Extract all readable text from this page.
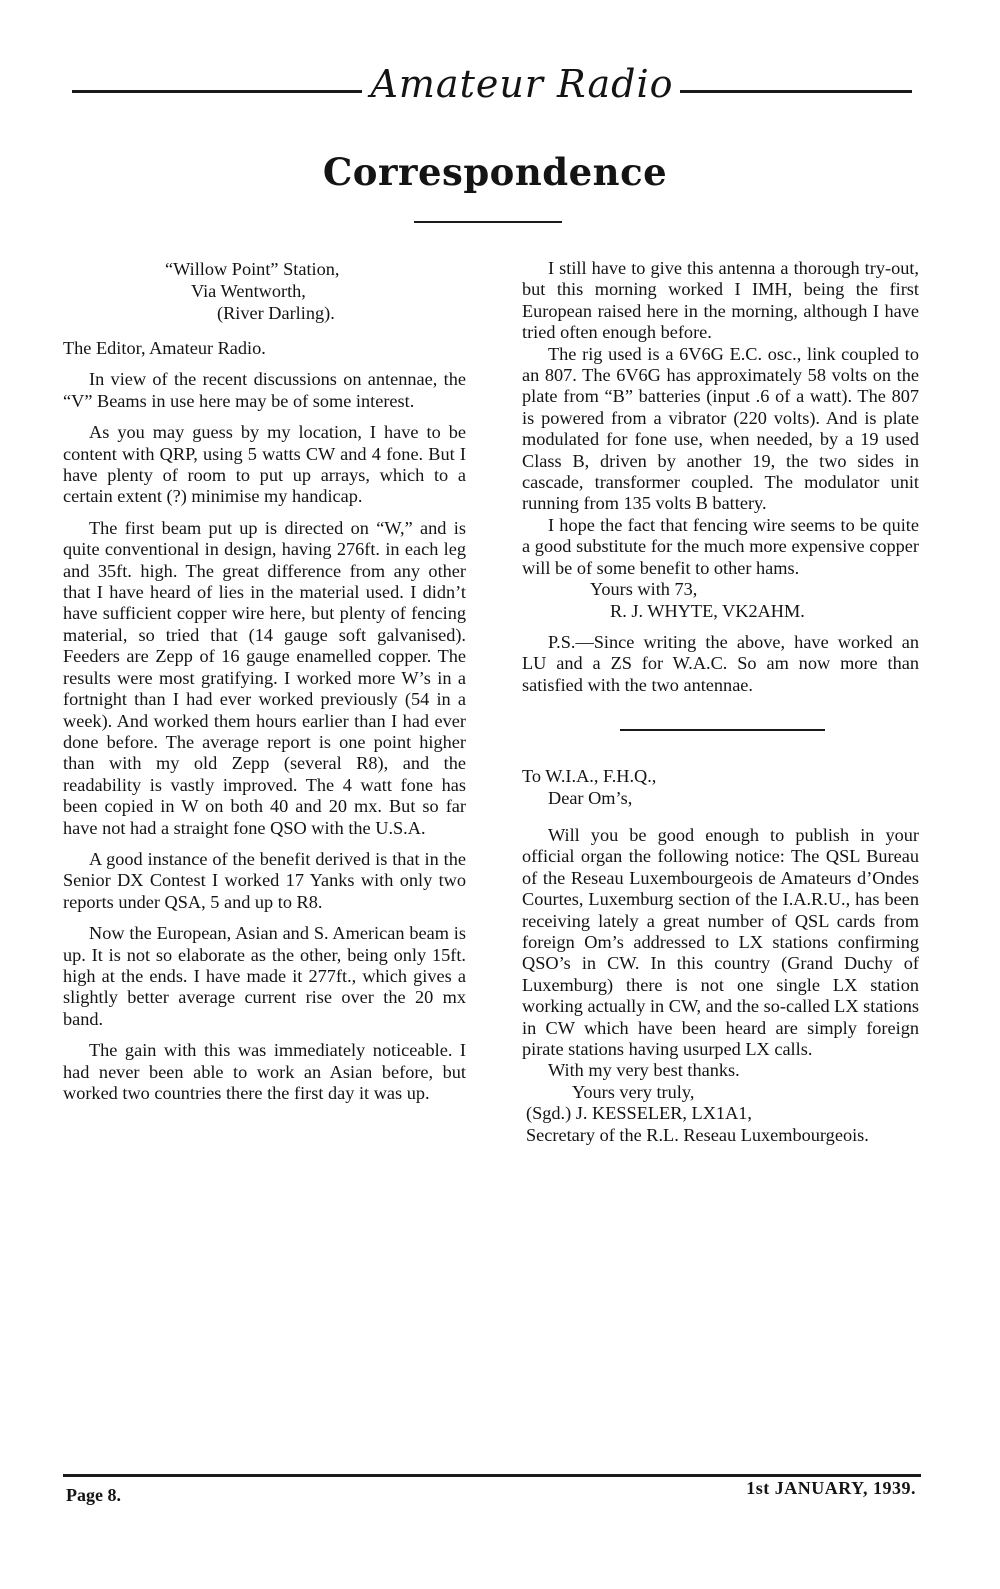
Amateur Radio
Correspondence
“Willow Point” Station,
Via Wentworth,
(River Darling).

The Editor, Amateur Radio.

In view of the recent discussions on antennae, the “V” Beams in use here may be of some interest.

As you may guess by my location, I have to be content with QRP, using 5 watts CW and 4 fone. But I have plenty of room to put up arrays, which to a certain extent (?) minimise my handicap.

The first beam put up is directed on “W,” and is quite conventional in design, having 276ft. in each leg and 35ft. high. The great difference from any other that I have heard of lies in the material used. I didn’t have sufficient copper wire here, but plenty of fencing material, so tried that (14 gauge soft galvanised). Feeders are Zepp of 16 gauge enamelled copper. The results were most gratifying. I worked more W’s in a fortnight than I had ever worked previously (54 in a week). And worked them hours earlier than I had ever done before. The average report is one point higher than with my old Zepp (several R8), and the readability is vastly improved. The 4 watt fone has been copied in W on both 40 and 20 mx. But so far have not had a straight fone QSO with the U.S.A.

A good instance of the benefit derived is that in the Senior DX Contest I worked 17 Yanks with only two reports under QSA, 5 and up to R8.

Now the European, Asian and S. American beam is up. It is not so elaborate as the other, being only 15ft. high at the ends. I have made it 277ft., which gives a slightly better average current rise over the 20 mx band.

The gain with this was immediately noticeable. I had never been able to work an Asian before, but worked two countries there the first day it was up.

I still have to give this antenna a thorough try-out, but this morning worked I IMH, being the first European raised here in the morning, although I have tried often enough before.

The rig used is a 6V6G E.C. osc., link coupled to an 807. The 6V6G has approximately 58 volts on the plate from “B” batteries (input .6 of a watt). The 807 is powered from a vibrator (220 volts). And is plate modulated for fone use, when needed, by a 19 used Class B, driven by another 19, the two sides in cascade, transformer coupled. The modulator unit running from 135 volts B battery.

I hope the fact that fencing wire seems to be quite a good substitute for the much more expensive copper will be of some benefit to other hams.

Yours with 73,
R. J. WHYTE, VK2AHM.

P.S.—Since writing the above, have worked an LU and a ZS for W.A.C. So am now more than satisfied with the two antennae.

To W.I.A., F.H.Q.,
Dear Om’s,

Will you be good enough to publish in your official organ the following notice: The QSL Bureau of the Reseau Luxembourgeois de Amateurs d’Ondes Courtes, Luxemburg section of the I.A.R.U., has been receiving lately a great number of QSL cards from foreign Om’s addressed to LX stations confirming QSO’s in CW. In this country (Grand Duchy of Luxemburg) there is not one single LX station working actually in CW, and the so-called LX stations in CW which have been heard are simply foreign pirate stations having usurped LX calls.

With my very best thanks.
Yours very truly,
(Sgd.) J. KESSELER, LX1A1,
Secretary of the R.L. Reseau Luxembourgeois.
Page 8.	1st JANUARY, 1939.
